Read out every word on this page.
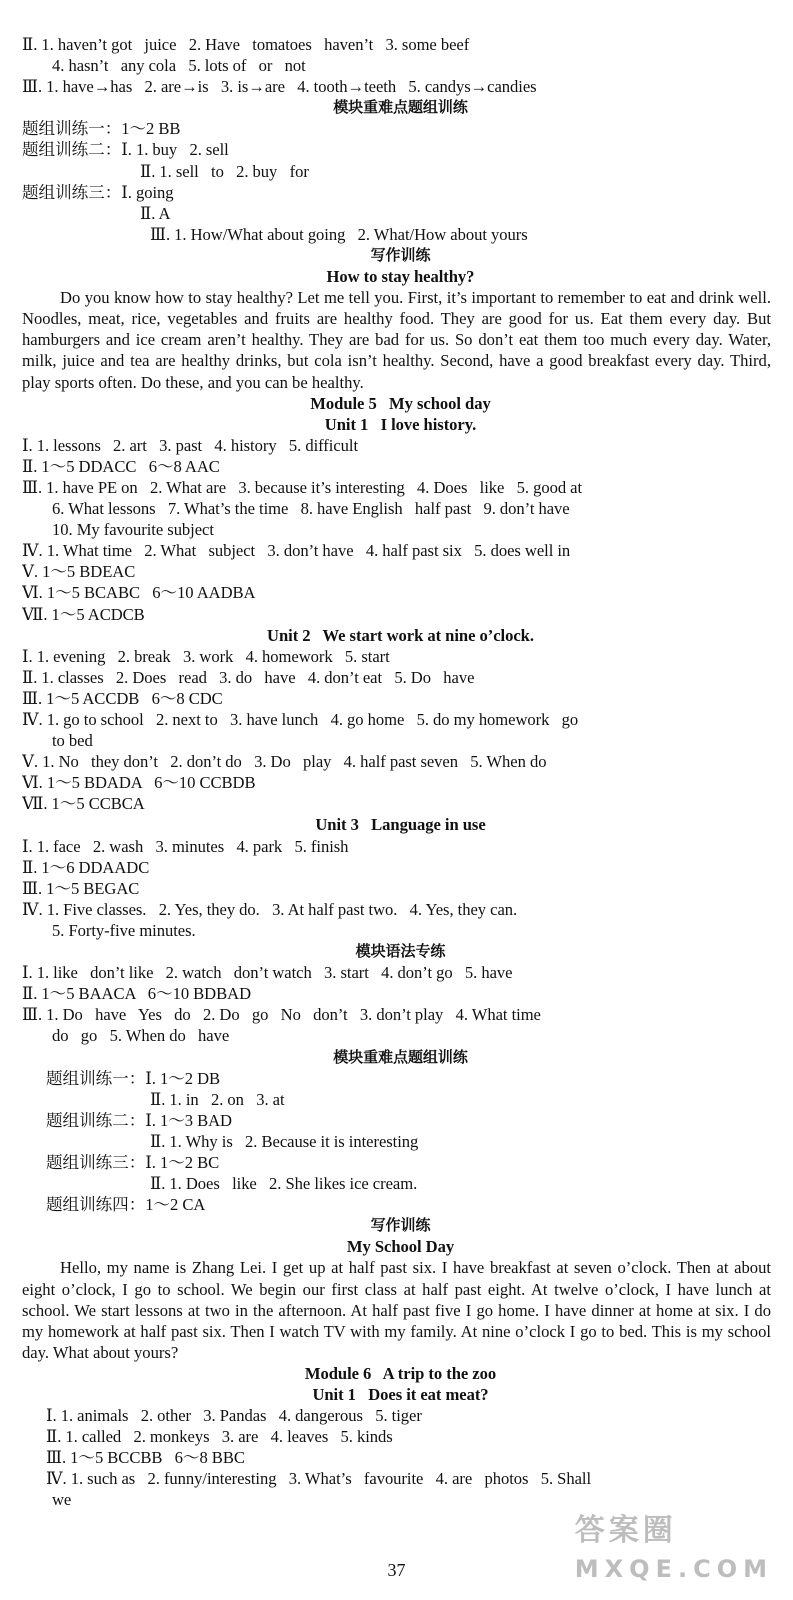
Ⅱ. 1. haven’t got   juice   2. Have   tomatoes   haven’t   3. some beef
4. hasn’t   any cola   5. lots of   or   not
Ⅲ. 1. have→has   2. are→is   3. is→are   4. tooth→teeth   5. candys→candies
模块重难点题组训练
题组训练一：1～2 BB
题组训练二：Ⅰ. 1. buy   2. sell
Ⅱ. 1. sell   to   2. buy   for
题组训练三：Ⅰ. going
Ⅱ. A
Ⅲ. 1. How/What about going   2. What/How about yours
写作训练
How to stay healthy?
Do you know how to stay healthy? Let me tell you. First, it’s important to remember to eat and drink well. Noodles, meat, rice, vegetables and fruits are healthy food. They are good for us. Eat them every day. But hamburgers and ice cream aren’t healthy. They are bad for us. So don’t eat them too much every day. Water, milk, juice and tea are healthy drinks, but cola isn’t healthy. Second, have a good breakfast every day. Third, play sports often. Do these, and you can be healthy.
Module 5   My school day
Unit 1   I love history.
Ⅰ. 1. lessons   2. art   3. past   4. history   5. difficult
Ⅱ. 1～5 DDACC   6～8 AAC
Ⅲ. 1. have PE on   2. What are   3. because it’s interesting   4. Does   like   5. good at
6. What lessons   7. What’s the time   8. have English   half past   9. don’t have
10. My favourite subject
Ⅳ. 1. What time   2. What   subject   3. don’t have   4. half past six   5. does well in
Ⅴ. 1～5 BDEAC
Ⅵ. 1～5 BCABC   6～10 AADBA
Ⅶ. 1～5 ACDCB
Unit 2   We start work at nine o’clock.
Ⅰ. 1. evening   2. break   3. work   4. homework   5. start
Ⅱ. 1. classes   2. Does   read   3. do   have   4. don’t eat   5. Do   have
Ⅲ. 1～5 ACCDB   6～8 CDC
Ⅳ. 1. go to school   2. next to   3. have lunch   4. go home   5. do my homework   go
to bed
Ⅴ. 1. No   they don’t   2. don’t do   3. Do   play   4. half past seven   5. When do
Ⅵ. 1～5 BDADA   6～10 CCBDB
Ⅶ. 1～5 CCBCA
Unit 3   Language in use
Ⅰ. 1. face   2. wash   3. minutes   4. park   5. finish
Ⅱ. 1～6 DDAADC
Ⅲ. 1～5 BEGAC
Ⅳ. 1. Five classes.   2. Yes, they do.   3. At half past two.   4. Yes, they can.
5. Forty-five minutes.
模块语法专练
Ⅰ. 1. like   don’t like   2. watch   don’t watch   3. start   4. don’t go   5. have
Ⅱ. 1～5 BAACA   6～10 BDBAD
Ⅲ. 1. Do   have   Yes   do   2. Do   go   No   don’t   3. don’t play   4. What time
do   go   5. When do   have
模块重难点题组训练
题组训练一：Ⅰ. 1～2 DB
Ⅱ. 1. in   2. on   3. at
题组训练二：Ⅰ. 1～3 BAD
Ⅱ. 1. Why is   2. Because it is interesting
题组训练三：Ⅰ. 1～2 BC
Ⅱ. 1. Does   like   2. She likes ice cream.
题组训练四：1～2 CA
写作训练
My School Day
Hello, my name is Zhang Lei. I get up at half past six. I have breakfast at seven o’clock. Then at about eight o’clock, I go to school. We begin our first class at half past eight. At twelve o’clock, I have lunch at school. We start lessons at two in the afternoon. At half past five I go home. I have dinner at home at six. I do my homework at half past six. Then I watch TV with my family. At nine o’clock I go to bed. This is my school day. What about yours?
Module 6   A trip to the zoo
Unit 1   Does it eat meat?
Ⅰ. 1. animals   2. other   3. Pandas   4. dangerous   5. tiger
Ⅱ. 1. called   2. monkeys   3. are   4. leaves   5. kinds
Ⅲ. 1～5 BCCBB   6～8 BBC
Ⅳ. 1. such as   2. funny/interesting   3. What’s   favourite   4. are   photos   5. Shall
we
答案圈
MXQE.COM
37
